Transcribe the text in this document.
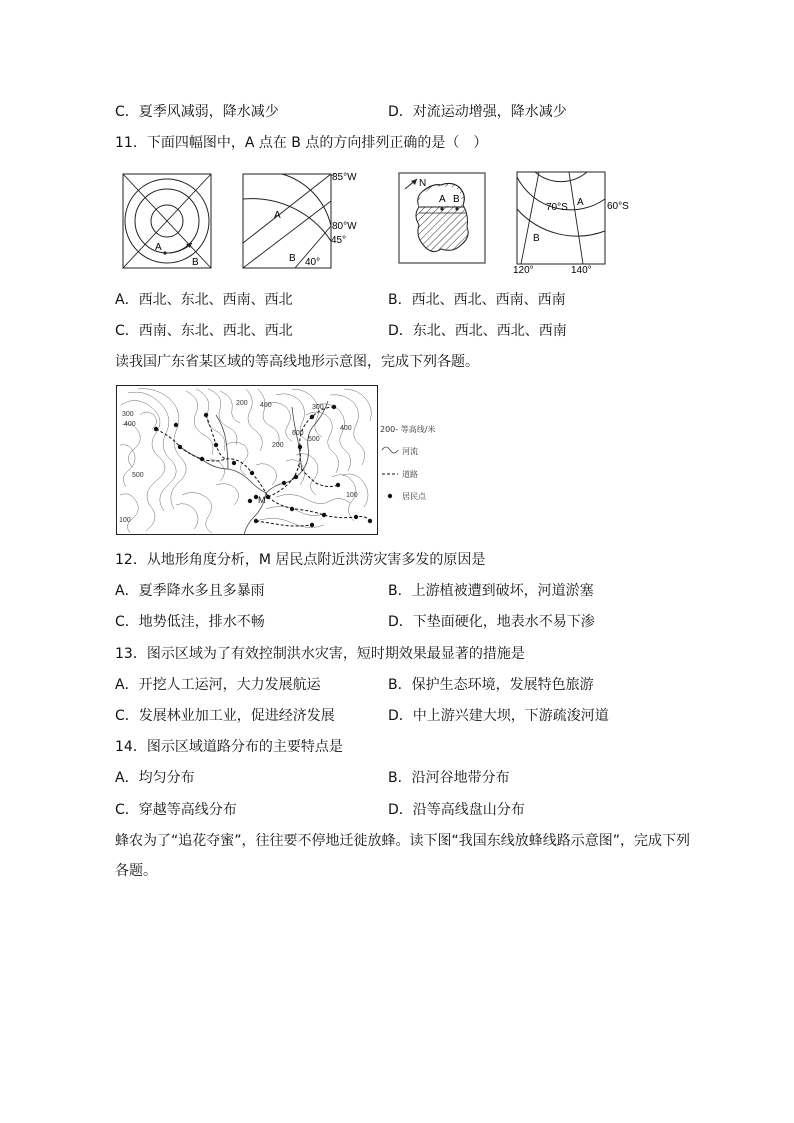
C．夏季风减弱，降水减少	D．对流运动增强，降水减少
11．下面四幅图中，A 点在 B 点的方向排列正确的是（　）
A
B
85°W
80°W
45°
40°
A
B
N
A B
70°S	60°S
A
B
120°	140°
A．西北、东北、西南、西北	B．西北、西北、西南、西南
C．西南、东北、西北、西北	D．东北、西北、西北、西南
读我国广东省某区域的等高线地形示意图，完成下列各题。
300
400
500
200
100
600
300
400
500
100
200
400
M
200- 等高线/米
河流
道路
居民点
12．从地形角度分析，M 居民点附近洪涝灾害多发的原因是
A．夏季降水多且多暴雨	B．上游植被遭到破坏，河道淤塞
C．地势低洼，排水不畅	D．下垫面硬化，地表水不易下渗
13．图示区域为了有效控制洪水灾害，短时期效果最显著的措施是
A．开挖人工运河，大力发展航运	B．保护生态环境，发展特色旅游
C．发展林业加工业，促进经济发展	D．中上游兴建大坝，下游疏浚河道
14．图示区域道路分布的主要特点是
A．均匀分布	B．沿河谷地带分布
C．穿越等高线分布	D．沿等高线盘山分布
蜂农为了“追花夺蜜”，往往要不停地迁徙放蜂。读下图“我国东线放蜂线路示意图”，完成下列
各题。
